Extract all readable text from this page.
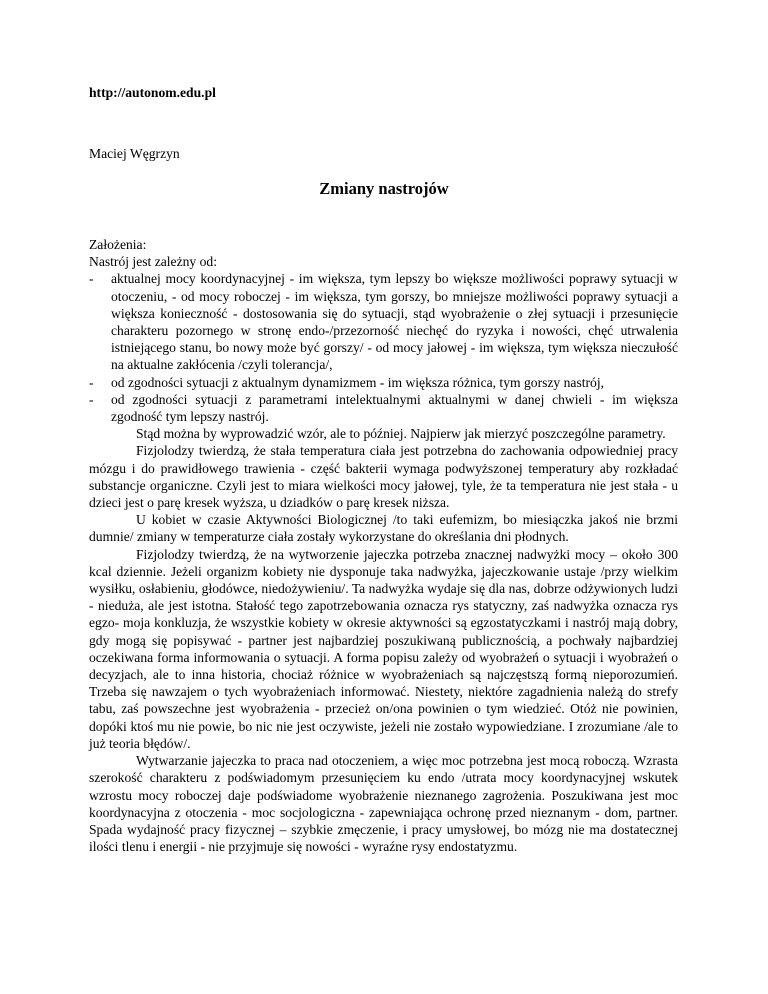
http://autonom.edu.pl
Maciej Węgrzyn
Zmiany nastrojów
Założenia:
Nastrój jest zależny od:
- aktualnej mocy koordynacyjnej - im większa, tym lepszy bo większe możliwości poprawy sytuacji w otoczeniu, - od mocy roboczej - im większa, tym gorszy, bo mniejsze możliwości poprawy sytuacji a większa konieczność - dostosowania się do sytuacji, stąd wyobrażenie o złej sytuacji i przesunięcie charakteru pozornego w stronę endo-/przezorność niechęć do ryzyka i nowości, chęć utrwalenia istniejącego stanu, bo nowy może być gorszy/ - od mocy jałowej - im większa, tym większa nieczułość na aktualne zakłócenia /czyli tolerancja/,
- od zgodności sytuacji z aktualnym dynamizmem - im większa różnica, tym gorszy nastrój,
- od zgodności sytuacji z parametrami intelektualnymi aktualnymi w danej chwieli - im większa zgodność tym lepszy nastrój.
Stąd można by wyprowadzić wzór, ale to później. Najpierw jak mierzyć poszczególne parametry.
Fizjolodzy twierdzą, że stała temperatura ciała jest potrzebna do zachowania odpowiedniej pracy mózgu i do prawidłowego trawienia - część bakterii wymaga podwyższonej temperatury aby rozkładać substancje organiczne. Czyli jest to miara wielkości mocy jałowej, tyle, że ta temperatura nie jest stała - u dzieci jest o parę kresek wyższa, u dziadków o parę kresek niższa.
U kobiet w czasie Aktywności Biologicznej /to taki eufemizm, bo miesiączka jakoś nie brzmi dumnie/ zmiany w temperaturze ciała zostały wykorzystane do określania dni płodnych.
Fizjolodzy twierdzą, że na wytworzenie jajeczka potrzeba znacznej nadwyżki mocy – około 300 kcal dziennie. Jeżeli organizm kobiety nie dysponuje taka nadwyżka, jajeczkowanie ustaje /przy wielkim wysiłku, osłabieniu, głodówce, niedożywieniu/. Ta nadwyżka wydaje się dla nas, dobrze odżywionych ludzi - nieduża, ale jest istotna. Stałość tego zapotrzebowania oznacza rys statyczny, zaś nadwyżka oznacza rys egzo- moja konkluzja, że wszystkie kobiety w okresie aktywności są egzostatyczkami i nastrój mają dobry, gdy mogą się popisywać - partner jest najbardziej poszukiwaną publicznością, a pochwały najbardziej oczekiwana forma informowania o sytuacji. A forma popisu zależy od wyobrażeń o sytuacji i wyobrażeń o decyzjach, ale to inna historia, chociaż różnice w wyobrażeniach są najczęstszą formą nieporozumień. Trzeba się nawzajem o tych wyobrażeniach informować. Niestety, niektóre zagadnienia należą do strefy tabu, zaś powszechne jest wyobrażenia - przecież on/ona powinien o tym wiedzieć. Otóż nie powinien, dopóki ktoś mu nie powie, bo nic nie jest oczywiste, jeżeli nie zostało wypowiedziane. I zrozumiane /ale to już teoria błędów/.
Wytwarzanie jajeczka to praca nad otoczeniem, a więc moc potrzebna jest mocą roboczą. Wzrasta szerokość charakteru z podświadomym przesunięciem ku endo /utrata mocy koordynacyjnej wskutek wzrostu mocy roboczej daje podświadome wyobrażenie nieznanego zagrożenia. Poszukiwana jest moc koordynacyjna z otoczenia - moc socjologiczna - zapewniająca ochronę przed nieznanym - dom, partner. Spada wydajność pracy fizycznej – szybkie zmęczenie, i pracy umysłowej, bo mózg nie ma dostatecznej ilości tlenu i energii - nie przyjmuje się nowości - wyraźne rysy endostatyzmu.
